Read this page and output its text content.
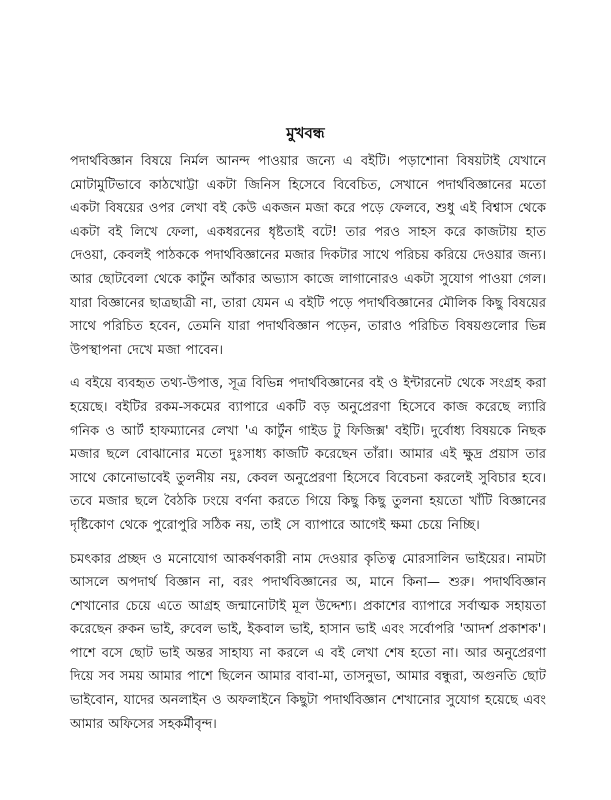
মুখবন্ধ

পদার্থবিজ্ঞান বিষয়ে নির্মল আনন্দ পাওয়ার জন্যে এ বইটি। পড়াশোনা বিষয়টাই যেখানে মোটামুটিভাবে কাঠখোট্টা একটা জিনিস হিসেবে বিবেচিত, সেখানে পদার্থবিজ্ঞানের মতো একটা বিষয়ের ওপর লেখা বই কেউ একজন মজা করে পড়ে ফেলবে, শুধু এই বিশ্বাস থেকে একটা বই লিখে ফেলা, একধরনের ধৃষ্টতাই বটে! তার পরও সাহস করে কাজটায় হাত দেওয়া, কেবলই পাঠককে পদার্থবিজ্ঞানের মজার দিকটার সাথে পরিচয় করিয়ে দেওয়ার জন্য। আর ছোটবেলা থেকে কার্টুন আঁকার অভ্যাস কাজে লাগানোরও একটা সুযোগ পাওয়া গেল। যারা বিজ্ঞানের ছাত্রছাত্রী না, তারা যেমন এ বইটি পড়ে পদার্থবিজ্ঞানের মৌলিক কিছু বিষয়ের সাথে পরিচিত হবেন, তেমনি যারা পদার্থবিজ্ঞান পড়েন, তারাও পরিচিত বিষয়গুলোর ভিন্ন উপস্থাপনা দেখে মজা পাবেন।

এ বইয়ে ব্যবহৃত তথ্য-উপাত্ত, সূত্র বিভিন্ন পদার্থবিজ্ঞানের বই ও ইন্টারনেট থেকে সংগ্রহ করা হয়েছে। বইটির রকম-সকমের ব্যাপারে একটি বড় অনুপ্রেরণা হিসেবে কাজ করেছে ল্যারি গনিক ও আর্ট হাফম্যানের লেখা 'এ কার্টুন গাইড টু ফিজিক্স' বইটি। দুর্বোধ্য বিষয়কে নিছক মজার ছলে বোঝানোর মতো দুঃসাধ্য কাজটি করেছেন তাঁরা। আমার এই ক্ষুদ্র প্রয়াস তার সাথে কোনোভাবেই তুলনীয় নয়, কেবল অনুপ্রেরণা হিসেবে বিবেচনা করলেই সুবিচার হবে। তবে মজার ছলে বৈঠকি ঢংয়ে বর্ণনা করতে গিয়ে কিছু কিছু তুলনা হয়তো খাঁটি বিজ্ঞানের দৃষ্টিকোণ থেকে পুরোপুরি সঠিক নয়, তাই সে ব্যাপারে আগেই ক্ষমা চেয়ে নিচ্ছি।

চমৎকার প্রচ্ছদ ও মনোযোগ আকর্ষণকারী নাম দেওয়ার কৃতিত্ব মোরসালিন ভাইয়ের। নামটা আসলে অপদার্থ বিজ্ঞান না, বরং পদার্থবিজ্ঞানের অ, মানে কিনা— শুরু। পদার্থবিজ্ঞান শেখানোর চেয়ে এতে আগ্রহ জন্মানোটাই মূল উদ্দেশ্য। প্রকাশের ব্যাপারে সর্বাত্মক সহায়তা করেছেন রুকন ভাই, রুবেল ভাই, ইকবাল ভাই, হাসান ভাই এবং সর্বোপরি 'আদর্শ প্রকাশক'। পাশে বসে ছোট ভাই অন্তর সাহায্য না করলে এ বই লেখা শেষ হতো না। আর অনুপ্রেরণা দিয়ে সব সময় আমার পাশে ছিলেন আমার বাবা-মা, তাসনুভা, আমার বন্ধুরা, অগুনতি ছোট ভাইবোন, যাদের অনলাইন ও অফলাইনে কিছুটা পদার্থবিজ্ঞান শেখানোর সুযোগ হয়েছে এবং আমার অফিসের সহকর্মীবৃন্দ।
